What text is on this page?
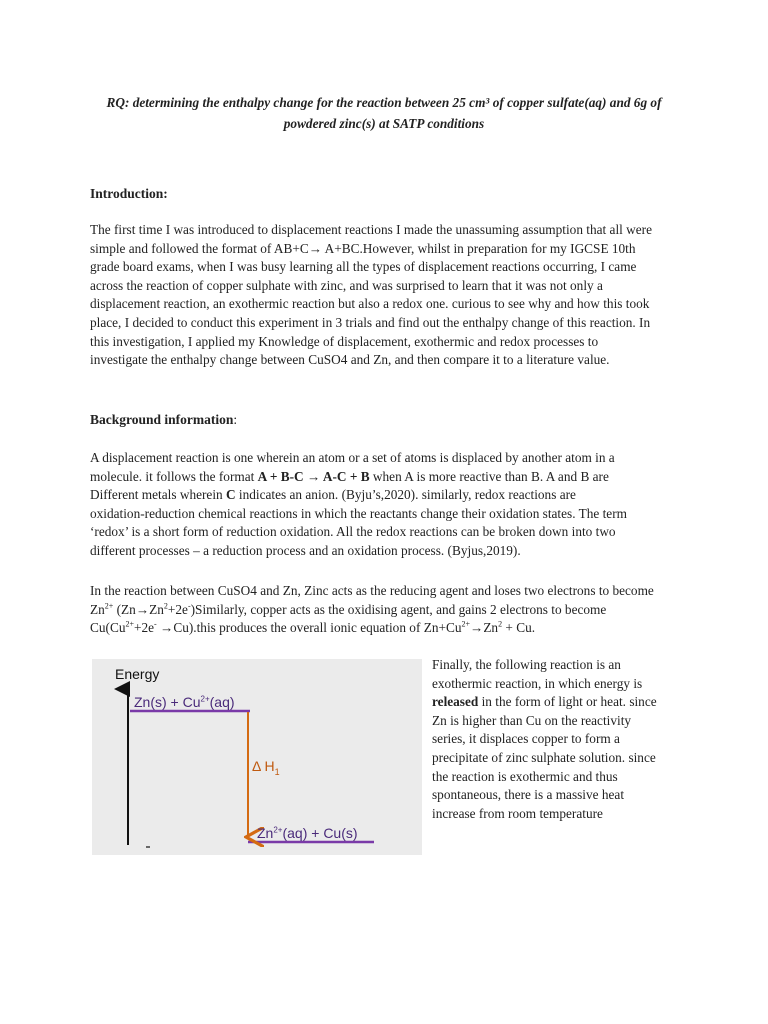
RQ: determining the enthalpy change for the reaction between 25 cm³ of copper sulfate(aq) and 6g of
powdered zinc(s) at SATP conditions
Introduction:

The first time I was introduced to displacement reactions I made the unassuming assumption that all were
simple and followed the format of AB+C→ A+BC.However, whilst in preparation for my IGCSE 10th
grade board exams, when I was busy learning all the types of displacement reactions occurring, I came
across the reaction of copper sulphate with zinc, and was surprised to learn that it was not only a
displacement reaction, an exothermic reaction but also a redox one. curious to see why and how this took
place, I decided to conduct this experiment in 3 trials and find out the enthalpy change of this reaction. In
this investigation, I applied my Knowledge of displacement, exothermic and redox processes to
investigate the enthalpy change between CuSO4 and Zn, and then compare it to a literature value.

Background information:

A displacement reaction is one wherein an atom or a set of atoms is displaced by another atom in a
molecule. it follows the format A + B-C → A-C + B when A is more reactive than B. A and B are
Different metals wherein C indicates an anion. (Byju’s,2020). similarly, redox reactions are
oxidation-reduction chemical reactions in which the reactants change their oxidation states. The term
‘redox’ is a short form of reduction oxidation. All the redox reactions can be broken down into two
different processes – a reduction process and an oxidation process. (Byjus,2019).

In the reaction between CuSO4 and Zn, Zinc acts as the reducing agent and loses two electrons to become
$Zn^{2+}$ $(Zn\to Zn^2+2e^-)Similarly$, copper acts as the oxidising agent, and gains 2 electrons to become
$Cu(Cu^{2+}+2e^-$ →Cu).this produces the overall ionic equation of $Zn+Cu^{2+}\to Zn^2 + Cu$.

Energy
$Zn(s) + Cu^{2+}(aq)$
Δ $H_1$
$Zn^{2+}(aq) + Cu(s)$

Finally, the following reaction is an
exothermic reaction, in which energy is
released in the form of light or heat. since
Zn is higher than Cu on the reactivity
series, it displaces copper to form a
precipitate of zinc sulphate solution. since
the reaction is exothermic and thus
spontaneous, there is a massive heat
increase from room temperature
